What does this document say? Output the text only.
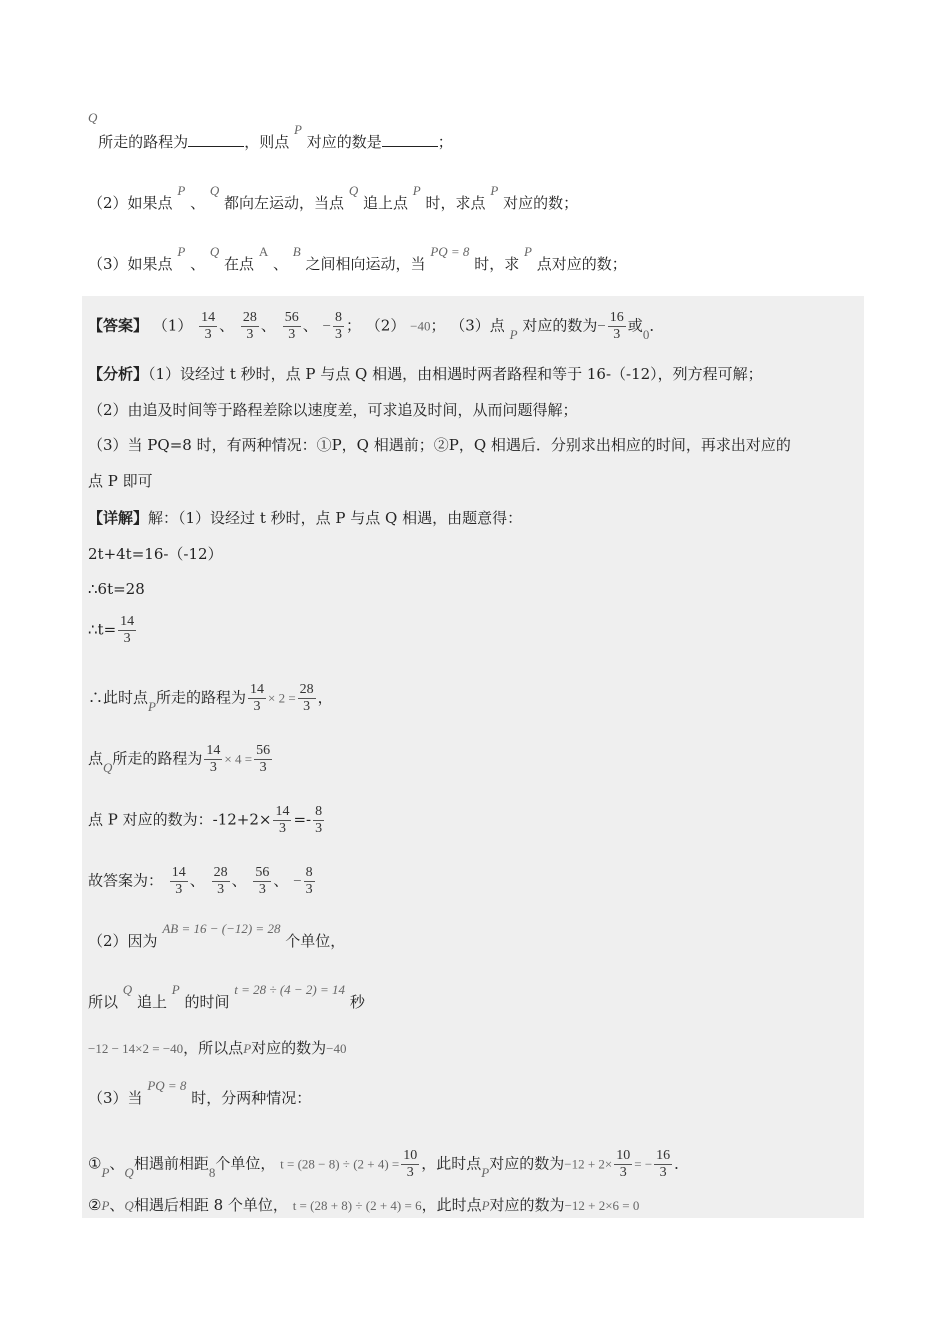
Q 所走的路程为	，则点 P 对应的数是	；
（2）如果点 P 、 Q 都向左运动，当点 Q 追上点 P 时，求点 P 对应的数；
（3）如果点 P 、 Q 在点 A 、 B 之间相向运动，当 PQ = 8 时，求 P 点对应的数；
【答案】 $(1) \frac{14}{3}$ 、 $\frac{28}{3}$ 、 $\frac{56}{3}$ 、 − $\frac{8}{3}$ ； （2） −40； （3）点 P 对应的数为− $\frac{16}{3}$ 或0．
【分析】（1）设经过 t 秒时，点 P 与点 Q 相遇，由相遇时两者路程和等于 16-（-12），列方程可解；
（2）由追及时间等于路程差除以速度差，可求追及时间，从而问题得解；
（3）当 PQ=8 时，有两种情况：①P，Q 相遇前；②P，Q 相遇后．分别求出相应的时间，再求出对应的
点 P 即可
【详解】解：（1）设经过 t 秒时，点 P 与点 Q 相遇，由题意得：
2t+4t=16-（-12）
∴6t=28
∴t= $\frac{14}{3}$
∴此时点P所走的路程为 $\frac{14}{3} \times 2 = \frac{28}{3}$ ，
点Q所走的路程为 $\frac{14}{3} \times 4 = \frac{56}{3}$
点 P 对应的数为：$-12+2\times \frac{14}{3} =- \frac{8}{3}$
故答案为： $\frac{14}{3}$ 、 $\frac{28}{3}$ 、 $\frac{56}{3}$ 、 − $\frac{8}{3}$
（2）因为 AB = 16 − (−12) = 28 个单位，
所以 Q 追上 P 的时间 t = 28 ÷ (4 − 2) = 14 秒
−12 − 14×2 = −40，所以点P对应的数为−40
（3）当 PQ = 8 时，分两种情况：
①P、Q相遇前相距8个单位， $t = (28 - 8) \div (2 + 4) = \frac{10}{3}$ ，此时点P对应的数为$-12 + 2\times \frac{10}{3}$ = − $\frac{16}{3}$ ．
②P、Q相遇后相距 8 个单位， t = (28 + 8) ÷ (2 + 4) = 6，此时点P对应的数为−12 + 2×6 = 0
